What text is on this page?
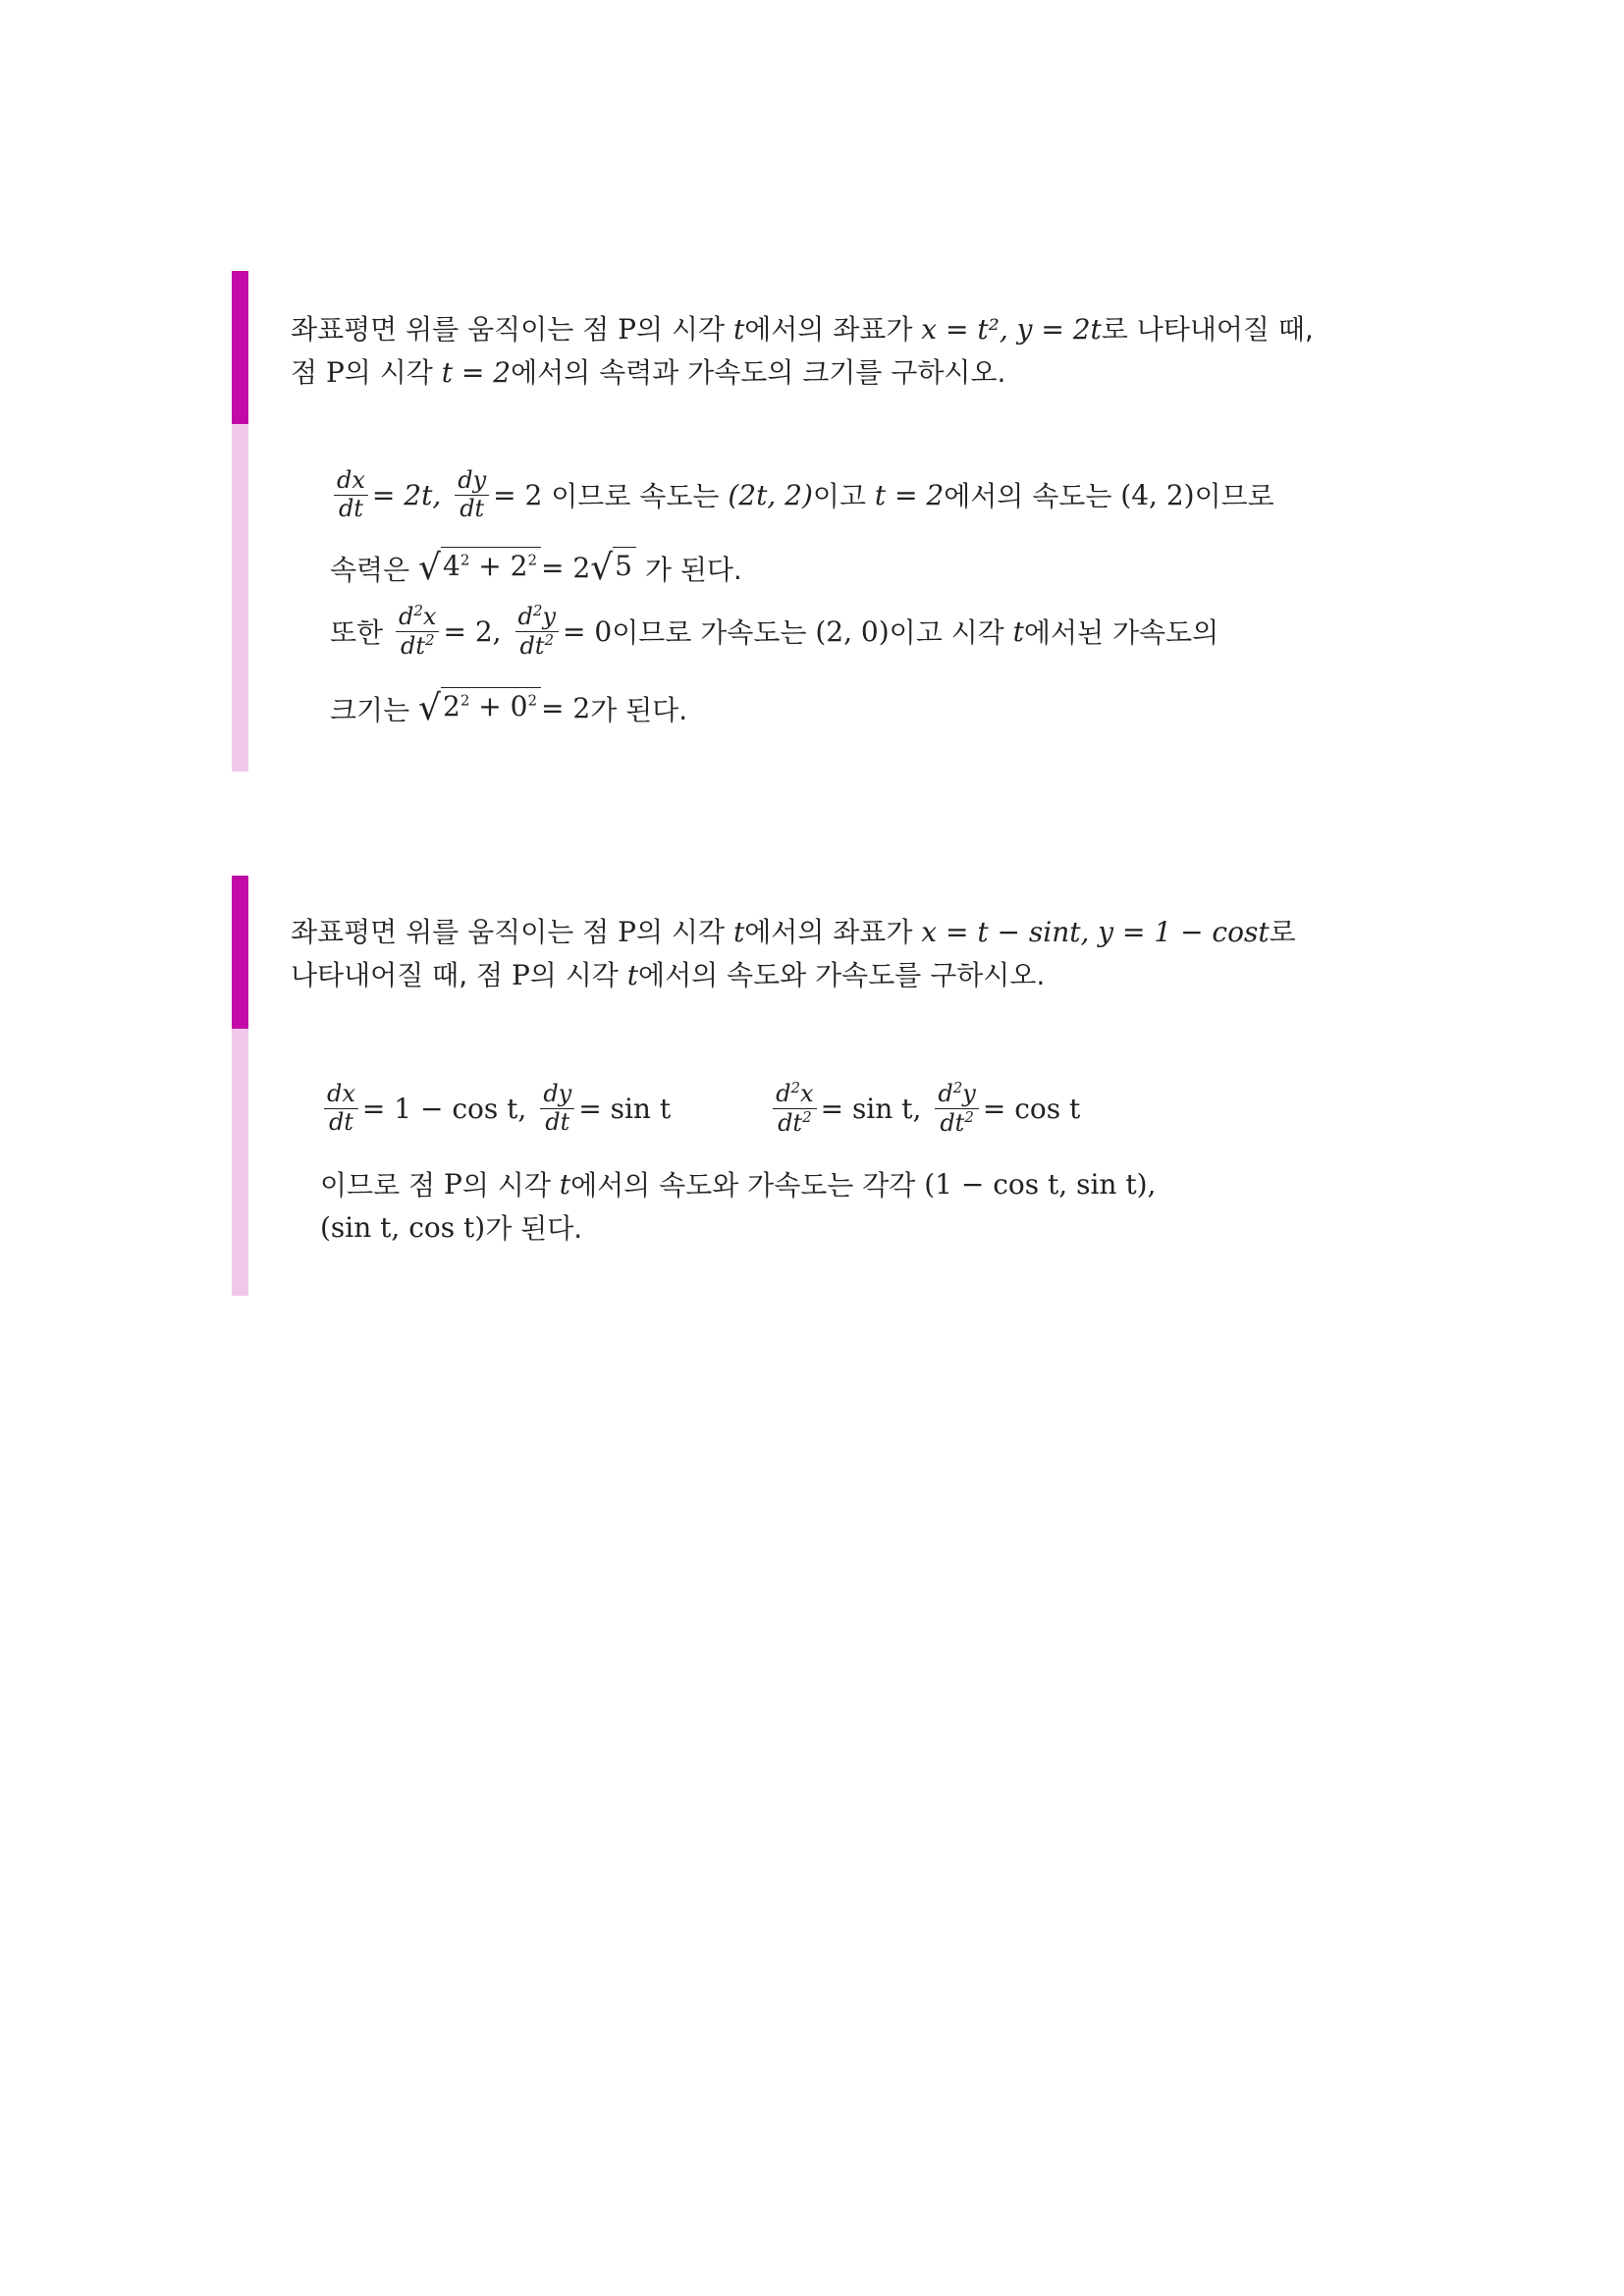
좌표평면 위를 움직이는 점 P의 시각 t에서의 좌표가 x = t², y = 2t로 나타내어질 때,
점 P의 시각 t = 2에서의 속력과 가속도의 크기를 구하시오.
$\frac{dx}{dt} = 2t$, $\frac{dy}{dt} = 2$ 이므로 속도는 (2t, 2) 이고 t = 2 에서의 속도는 (4, 2) 이므로
속력은 $√4^2 + 2^2 = 2$ √5 가 된다.
또한 $\frac{d^2x}{dt^2} = 2$, $\frac{d^2y}{dt^2} = 0$ 이므로 가속도는 (2, 0) 이고 시각 t 에서뇐 가속도의
크기는 $√2^2 + 0^2 = 2$ 가 된다.
좌표평면 위를 움직이는 점 P의 시각 t에서의 좌표가 x = t − sint, y = 1 − cost로
나타내어질 때, 점 P의 시각 t에서의 속도와 가속도를 구하시오.
$\frac{dx}{dt} = 1 - \cos t$, $\frac{dy}{dt} = \sin t$	$\frac{d^2x}{dt^2} = \sin t$, $\frac{d^2y}{dt^2} = \cos t$
이므로 점 P 의 시각 t 에서의 속도와 가속도는 각각 (1 − cos t, sin t),
(sin t, cos t) 가 된다.
